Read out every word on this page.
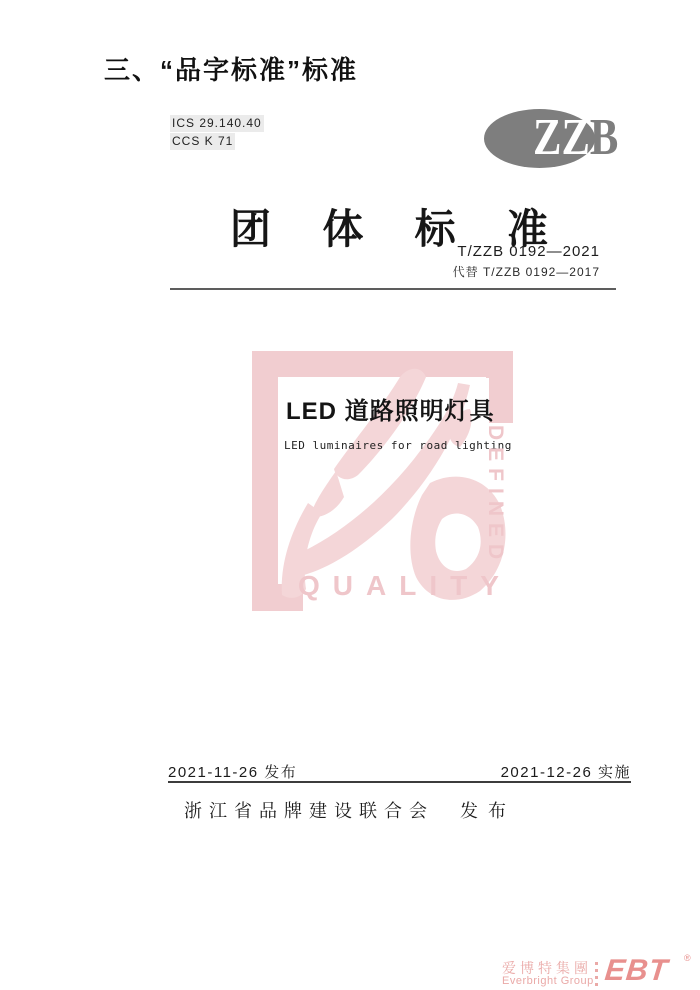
三、“品字标准”标准
ICS 29.140.40
CCS K 71	ZZB
团 体 标 准
T/ZZB 0192—2021
代替 T/ZZB 0192—2017
LED 道路照明灯具
LED luminaires for road lighting
DEFINED
QUALITY
2021-11-26 发布	2021-12-26 实施
浙江省品牌建设联合会 发布
爱博特集團
Everbright Group EBT ®
